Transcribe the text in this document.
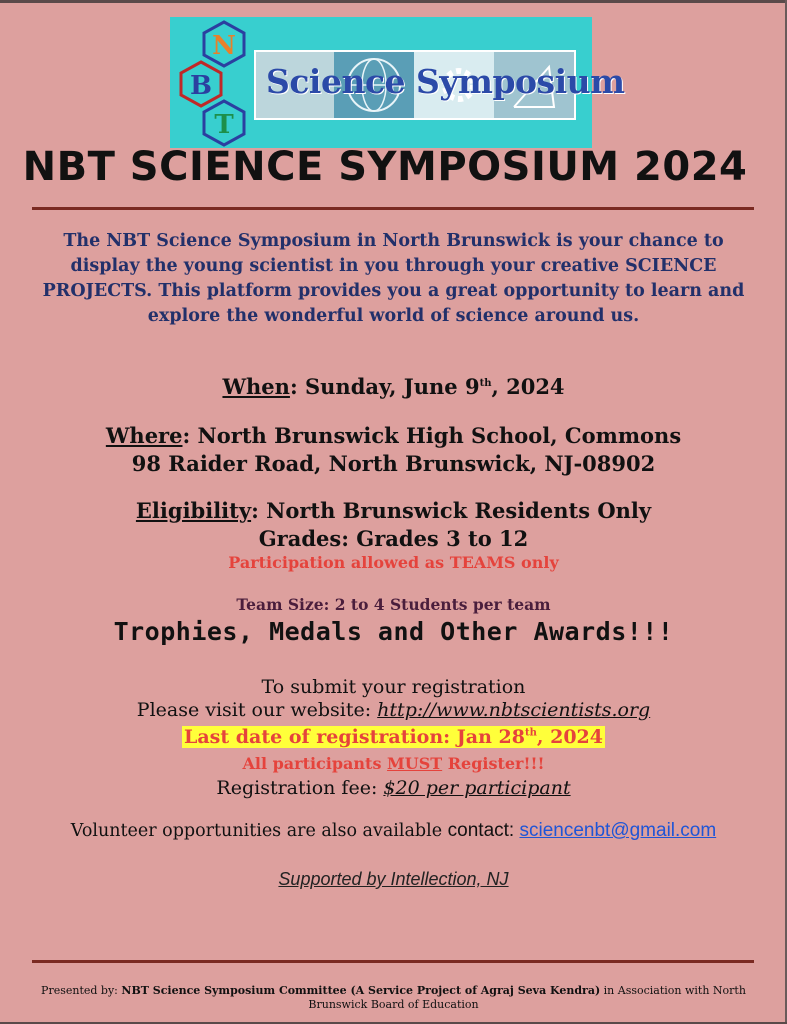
N
B
T
Science Symposium
NBT SCIENCE SYMPOSIUM 2024
The NBT Science Symposium in North Brunswick is your chance to display the young scientist in you through your creative SCIENCE PROJECTS. This platform provides you a great opportunity to learn and explore the wonderful world of science around us.
When: Sunday, June 9th, 2024
Where: North Brunswick High School, Commons
98 Raider Road, North Brunswick, NJ-08902
Eligibility: North Brunswick Residents Only
Grades: Grades 3 to 12
Participation allowed as TEAMS only
Team Size: 2 to 4 Students per team
Trophies, Medals and Other Awards!!!
To submit your registration
Please visit our website: http://www.nbtscientists.org
Last date of registration: Jan 28th, 2024
All participants MUST Register!!!
Registration fee: $20 per participant
Volunteer opportunities are also available contact: sciencenbt@gmail.com
Supported by Intellection, NJ
Presented by: NBT Science Symposium Committee (A Service Project of Agraj Seva Kendra) in Association with North Brunswick Board of Education
